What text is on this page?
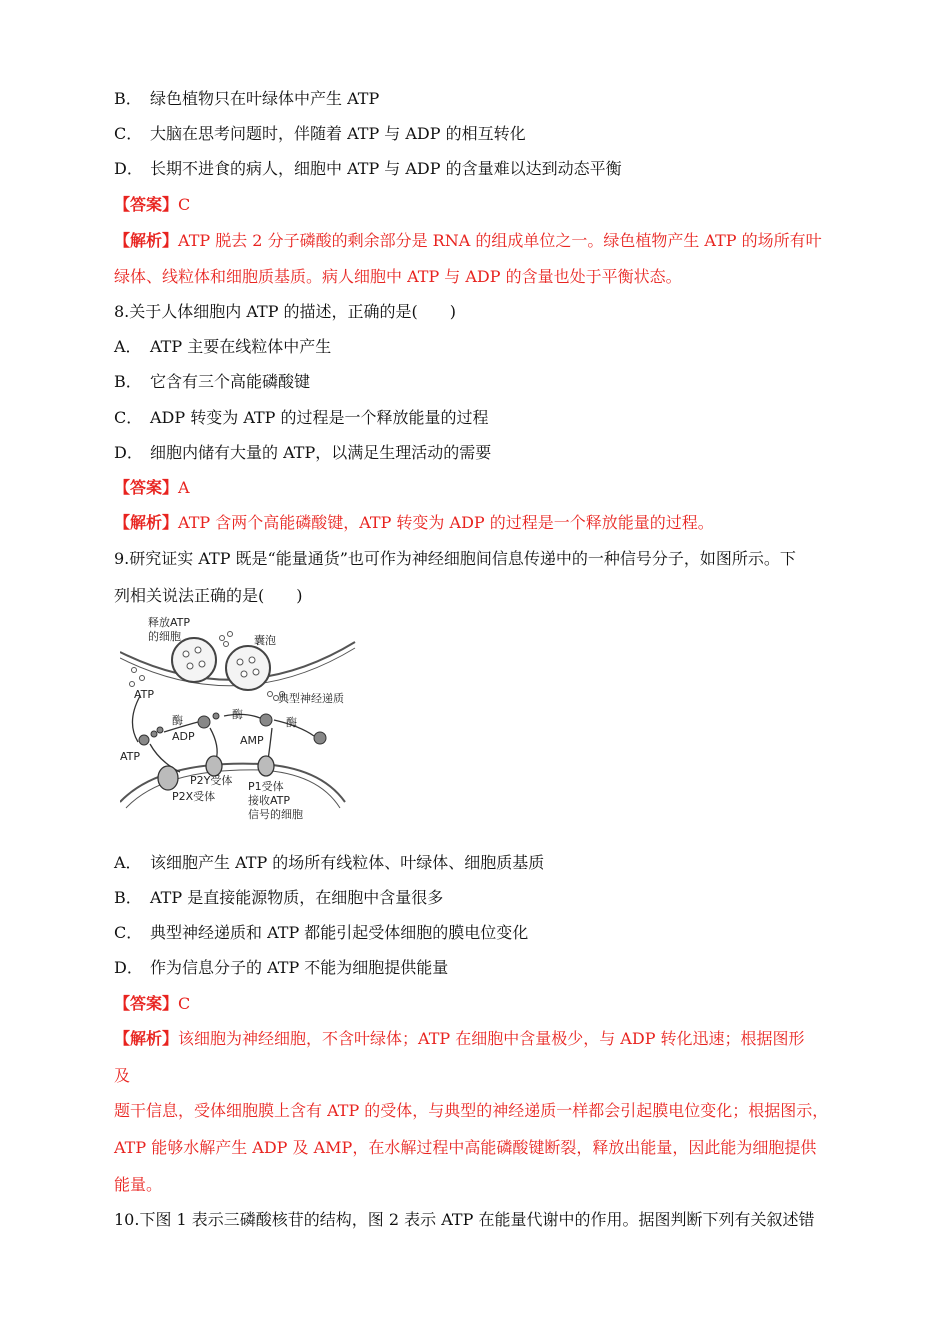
B． 绿色植物只在叶绿体中产生 ATP
C． 大脑在思考问题时，伴随着 ATP 与 ADP 的相互转化
D． 长期不进食的病人，细胞中 ATP 与 ADP 的含量难以达到动态平衡
【答案】C
【解析】ATP 脱去 2 分子磷酸的剩余部分是 RNA 的组成单位之一。绿色植物产生 ATP 的场所有叶
绿体、线粒体和细胞质基质。病人细胞中 ATP 与 ADP 的含量也处于平衡状态。
8.关于人体细胞内 ATP 的描述，正确的是(　　)
A． ATP 主要在线粒体中产生
B． 它含有三个高能磷酸键
C． ADP 转变为 ATP 的过程是一个释放能量的过程
D． 细胞内储有大量的 ATP，以满足生理活动的需要
【答案】A
【解析】ATP 含两个高能磷酸键，ATP 转变为 ADP 的过程是一个释放能量的过程。
9.研究证实 ATP 既是“能量通货”也可作为神经细胞间信息传递中的一种信号分子，如图所示。下
列相关说法正确的是(　　)
释放ATP
的细胞	囊泡
ATP	典型神经递质
酶	酶
酶
ADP	AMP
ATP
P2Y受体
P2X受体
P1受体
接收ATP
信号的细胞
A． 该细胞产生 ATP 的场所有线粒体、叶绿体、细胞质基质
B． ATP 是直接能源物质，在细胞中含量很多
C． 典型神经递质和 ATP 都能引起受体细胞的膜电位变化
D． 作为信息分子的 ATP 不能为细胞提供能量
【答案】C
【解析】该细胞为神经细胞，不含叶绿体；ATP 在细胞中含量极少，与 ADP 转化迅速；根据图形
及
题干信息，受体细胞膜上含有 ATP 的受体，与典型的神经递质一样都会引起膜电位变化；根据图示，
ATP 能够水解产生 ADP 及 AMP，在水解过程中高能磷酸键断裂，释放出能量，因此能为细胞提供
能量。
10.下图 1 表示三磷酸核苷的结构，图 2 表示 ATP 在能量代谢中的作用。据图判断下列有关叙述错
